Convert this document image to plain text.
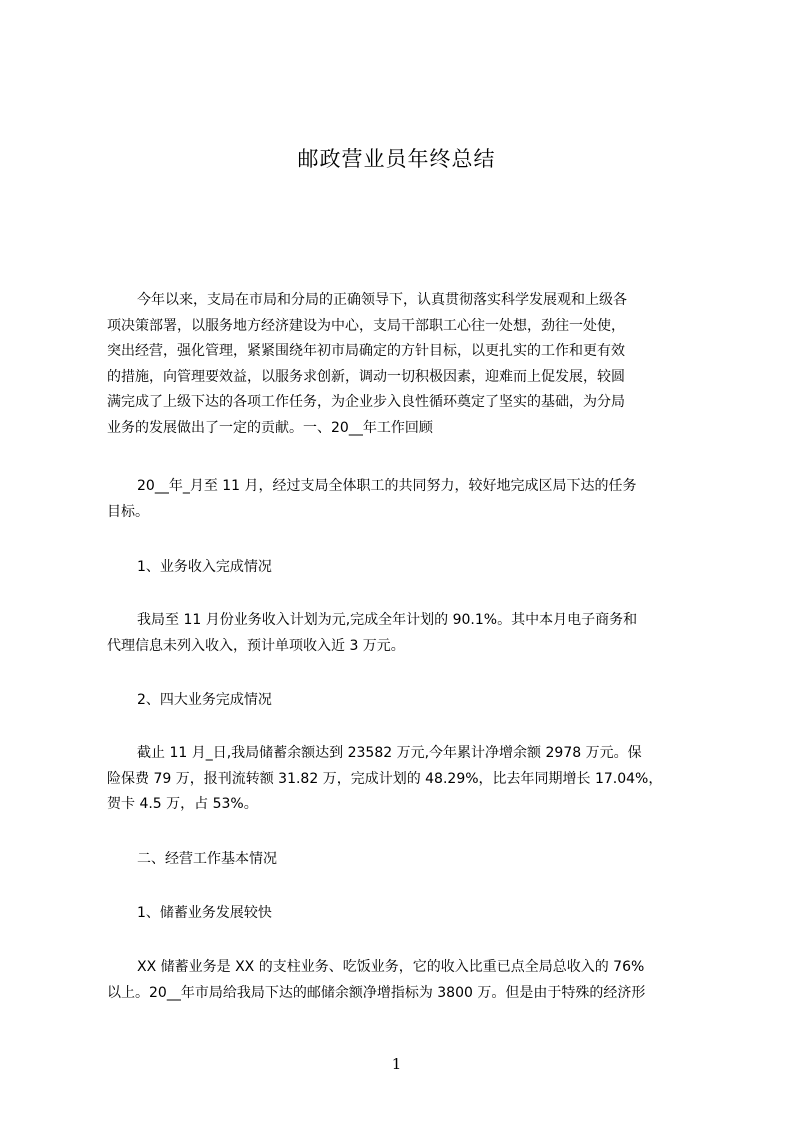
邮政营业员年终总结
今年以来，支局在市局和分局的正确领导下，认真贯彻落实科学发展观和上级各
项决策部署，以服务地方经济建设为中心，支局干部职工心往一处想，劲往一处使，
突出经营，强化管理，紧紧围绕年初市局确定的方针目标，以更扎实的工作和更有效
的措施，向管理要效益，以服务求创新，调动一切积极因素，迎难而上促发展，较圆
满完成了上级下达的各项工作任务，为企业步入良性循环奠定了坚实的基础，为分局
业务的发展做出了一定的贡献。一、20__年工作回顾
20__年_月至 11 月，经过支局全体职工的共同努力，较好地完成区局下达的任务
目标。
1、业务收入完成情况
我局至 11 月份业务收入计划为元,完成全年计划的 90.1%。其中本月电子商务和
代理信息未列入收入，预计单项收入近 3 万元。
2、四大业务完成情况
截止 11 月_日,我局储蓄余额达到 23582 万元,今年累计净增余额 2978 万元。保
险保费 79 万，报刊流转额 31.82 万，完成计划的 48.29%，比去年同期增长 17.04%，
贺卡 4.5 万，占 53%。
二、经营工作基本情况
1、储蓄业务发展较快
XX 储蓄业务是 XX 的支柱业务、吃饭业务，它的收入比重已点全局总收入的 76%
以上。20__年市局给我局下达的邮储余额净增指标为 3800 万。但是由于特殊的经济形
1
